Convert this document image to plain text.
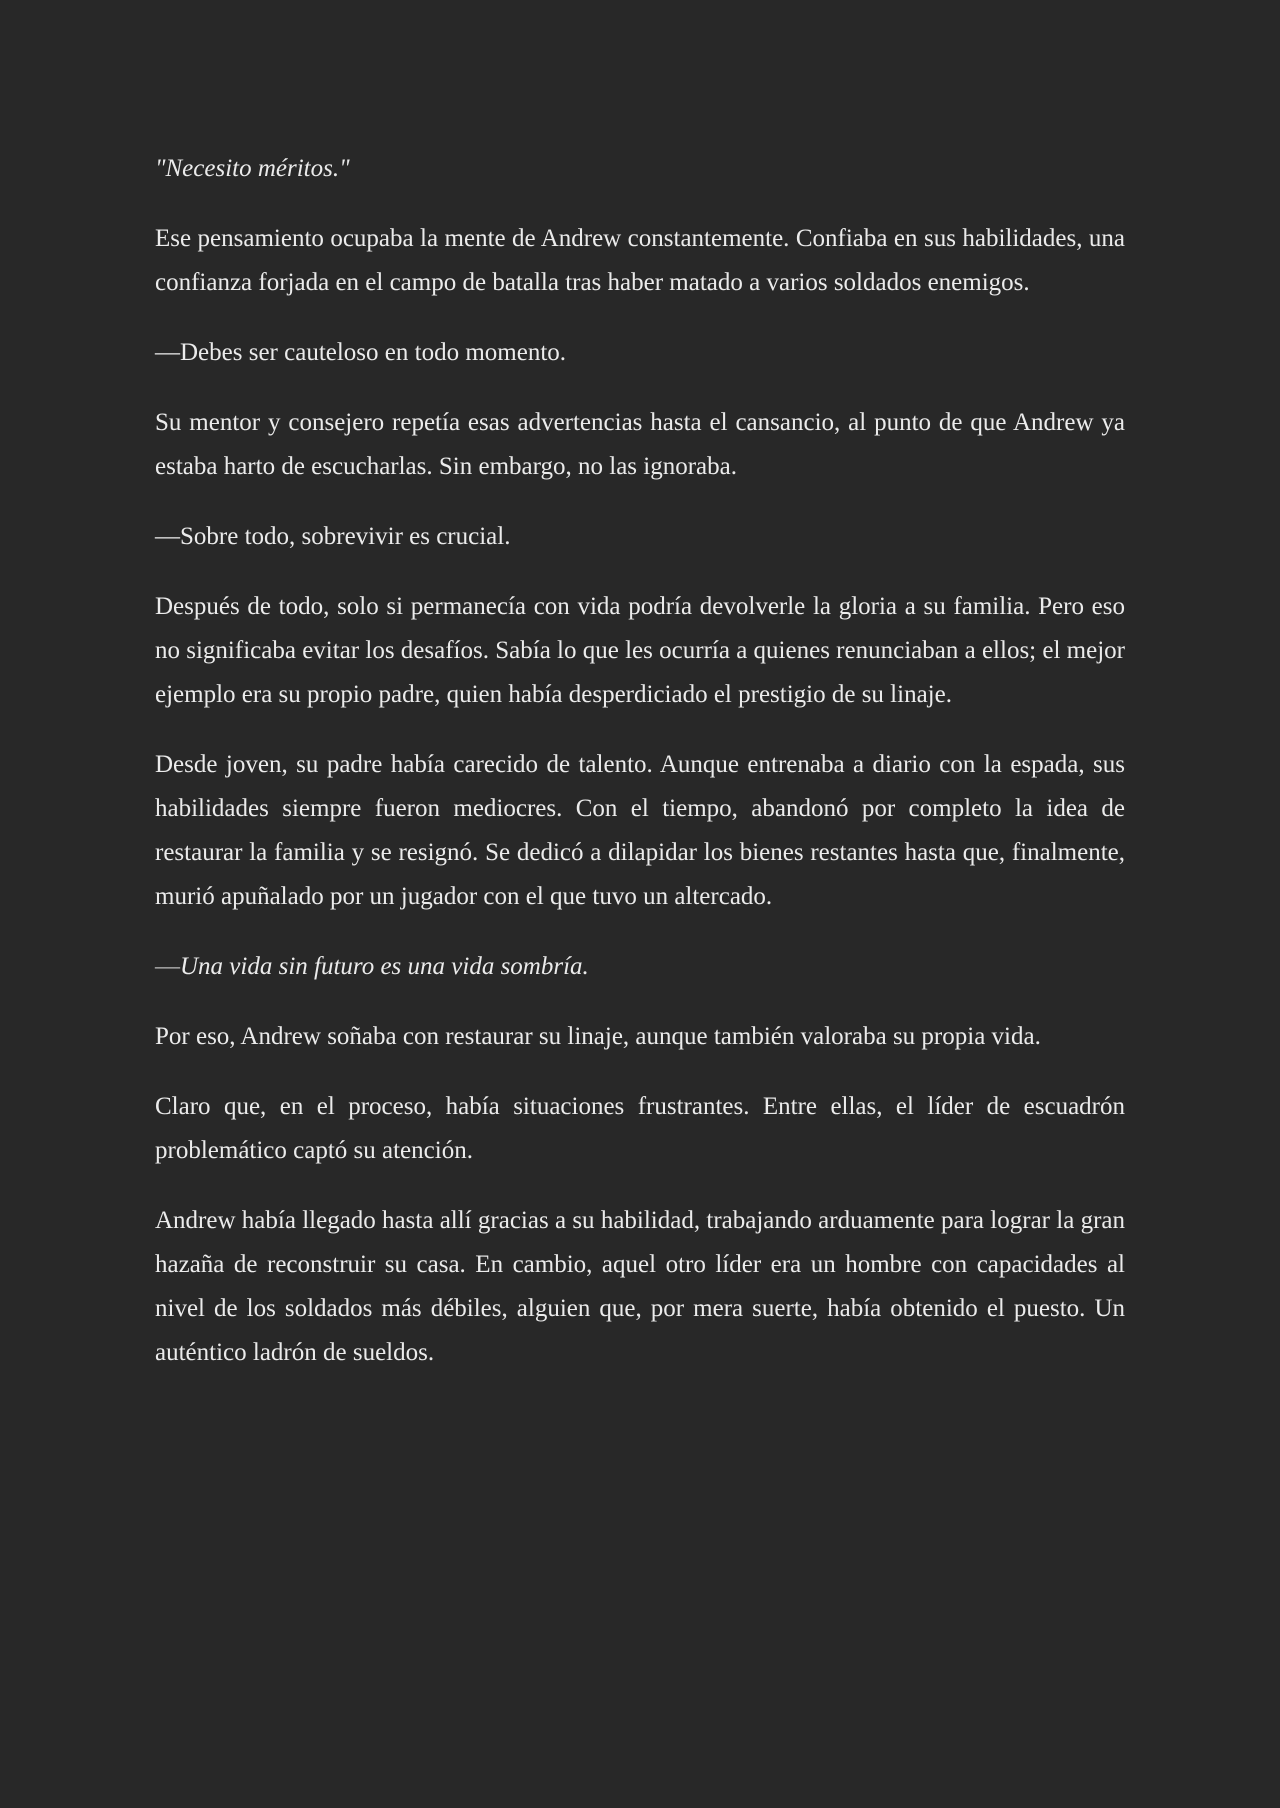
"Necesito méritos."

Ese pensamiento ocupaba la mente de Andrew constantemente. Confiaba en sus habilidades, una confianza forjada en el campo de batalla tras haber matado a varios soldados enemigos.

—Debes ser cauteloso en todo momento.

Su mentor y consejero repetía esas advertencias hasta el cansancio, al punto de que Andrew ya estaba harto de escucharlas. Sin embargo, no las ignoraba.

—Sobre todo, sobrevivir es crucial.

Después de todo, solo si permanecía con vida podría devolverle la gloria a su familia. Pero eso no significaba evitar los desafíos. Sabía lo que les ocurría a quienes renunciaban a ellos; el mejor ejemplo era su propio padre, quien había desperdiciado el prestigio de su linaje.

Desde joven, su padre había carecido de talento. Aunque entrenaba a diario con la espada, sus habilidades siempre fueron mediocres. Con el tiempo, abandonó por completo la idea de restaurar la familia y se resignó. Se dedicó a dilapidar los bienes restantes hasta que, finalmente, murió apuñalado por un jugador con el que tuvo un altercado.

—Una vida sin futuro es una vida sombría.

Por eso, Andrew soñaba con restaurar su linaje, aunque también valoraba su propia vida.

Claro que, en el proceso, había situaciones frustrantes. Entre ellas, el líder de escuadrón problemático captó su atención.

Andrew había llegado hasta allí gracias a su habilidad, trabajando arduamente para lograr la gran hazaña de reconstruir su casa. En cambio, aquel otro líder era un hombre con capacidades al nivel de los soldados más débiles, alguien que, por mera suerte, había obtenido el puesto. Un auténtico ladrón de sueldos.
